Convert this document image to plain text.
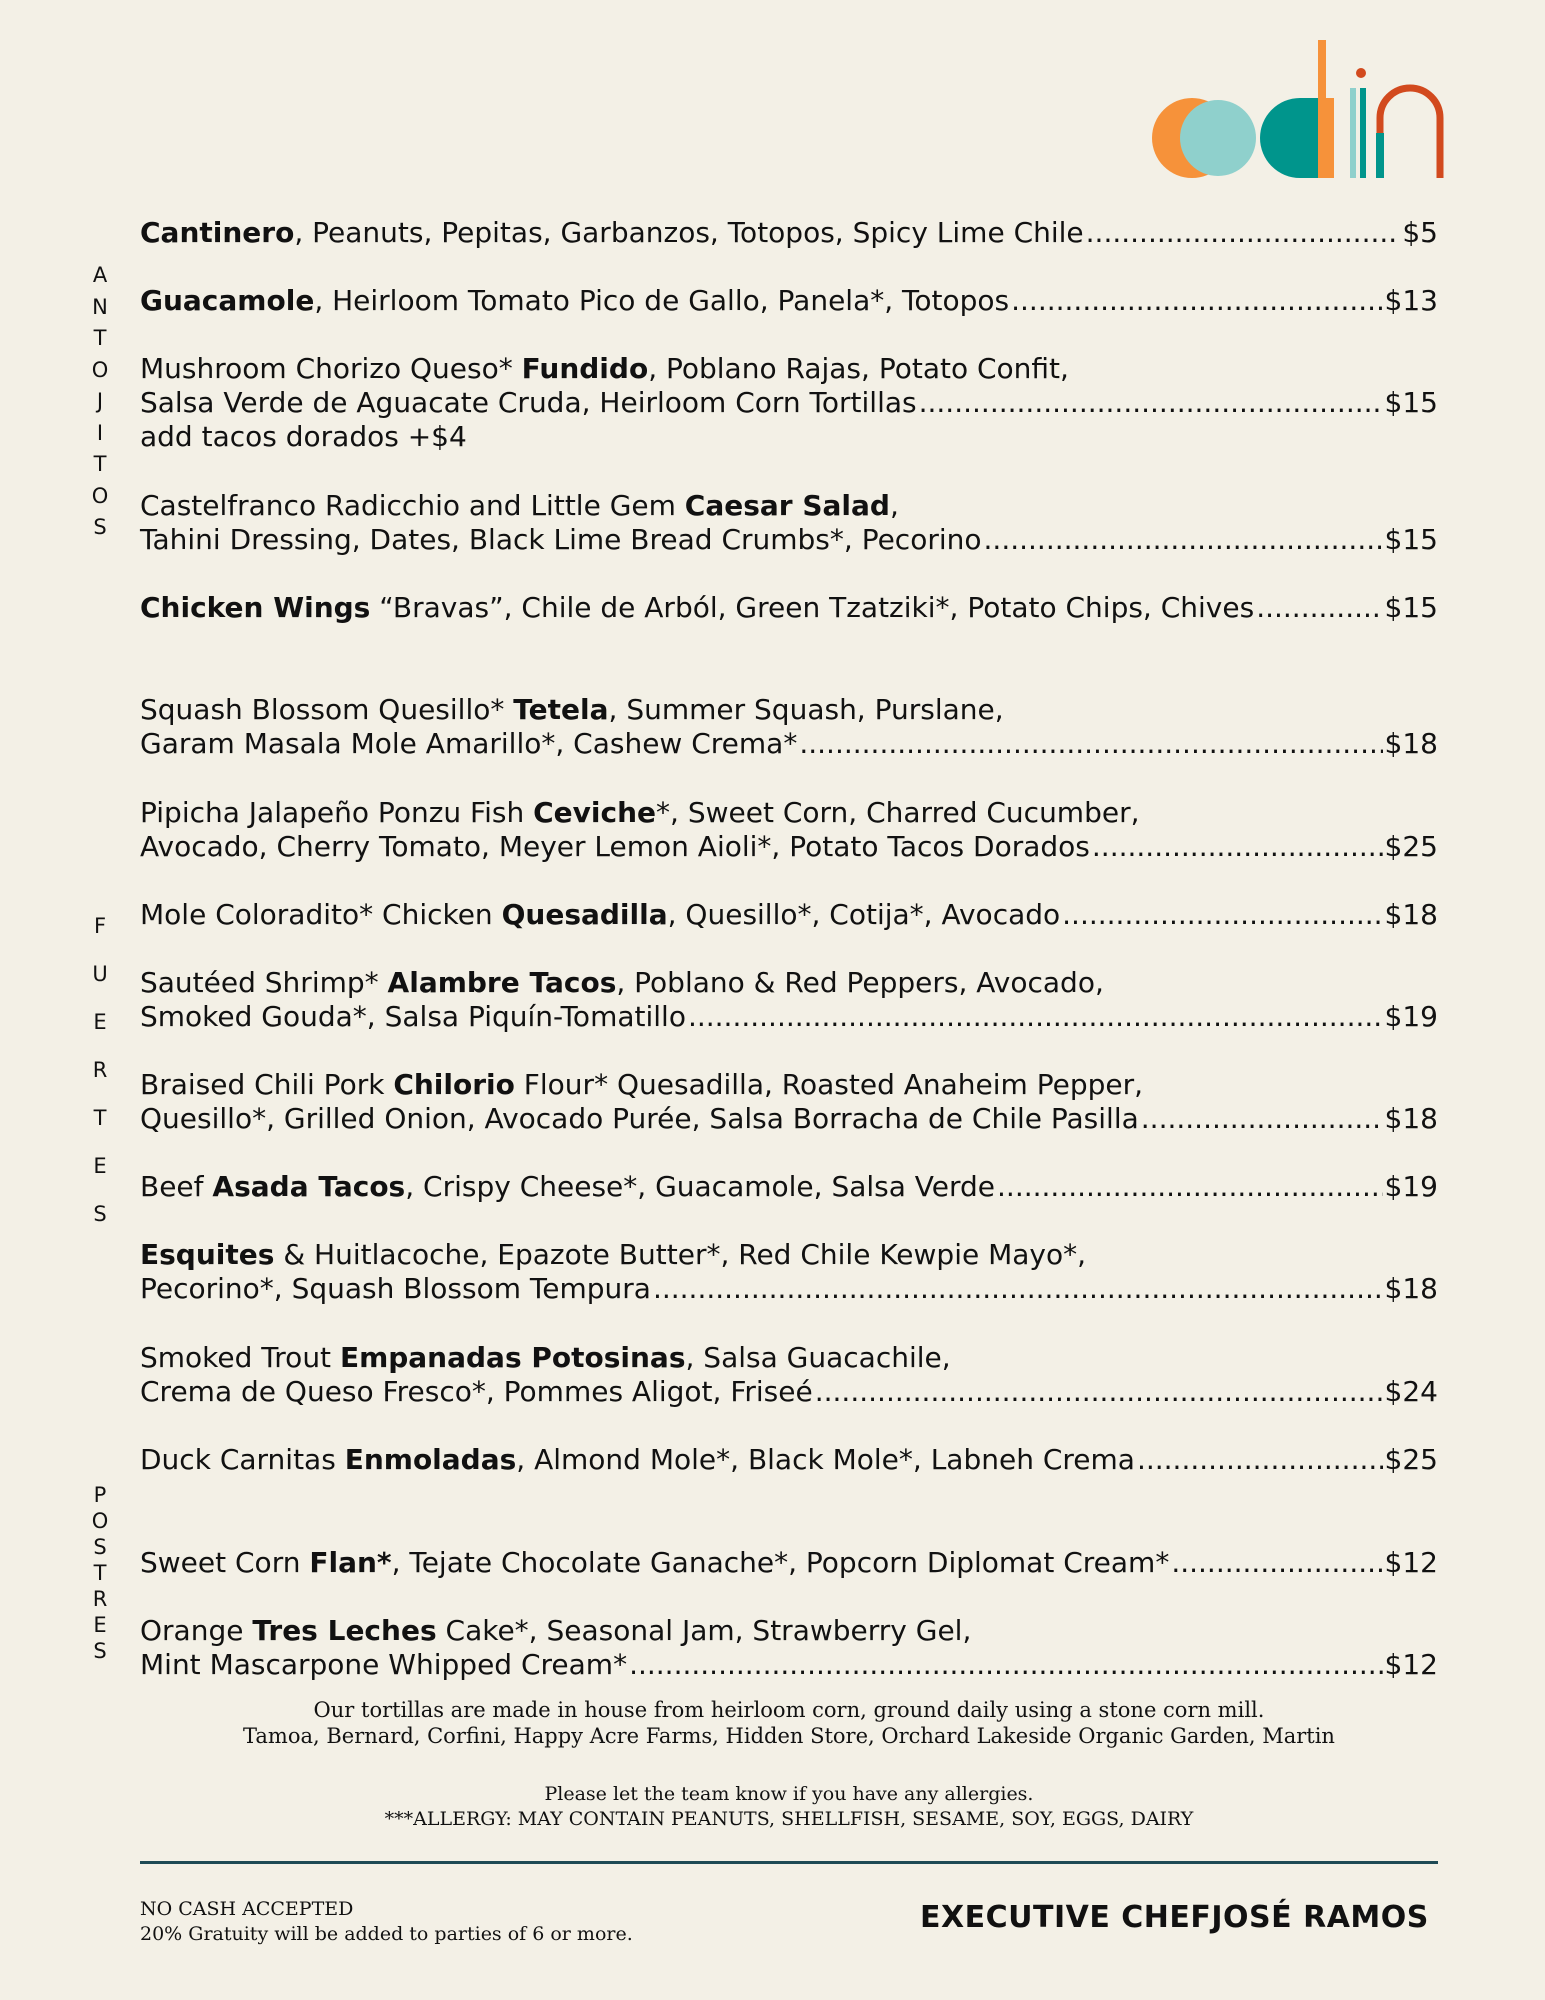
A
N
T
O
J
I
T
O
S
F
U
E
R
T
E
S
P
O
S
T
R
E
S
Cantinero, Peanuts, Pepitas, Garbanzos, Totopos, Spicy Lime Chile .....	$5
Guacamole, Heirloom Tomato Pico de Gallo, Panela*, Totopos .....	$13
Mushroom Chorizo Queso* Fundido, Poblano Rajas, Potato Confit,
Salsa Verde de Aguacate Cruda, Heirloom Corn Tortillas .....	$15
add tacos dorados +$4
Castelfranco Radicchio and Little Gem Caesar Salad,
Tahini Dressing, Dates, Black Lime Bread Crumbs*, Pecorino .....	$15
Chicken Wings “Bravas”, Chile de Arból, Green Tzatziki*, Potato Chips, Chives .....	$15
Squash Blossom Quesillo* Tetela, Summer Squash, Purslane,
Garam Masala Mole Amarillo*, Cashew Crema* .....	$18
Pipicha Jalapeño Ponzu Fish Ceviche*, Sweet Corn, Charred Cucumber,
Avocado, Cherry Tomato, Meyer Lemon Aioli*, Potato Tacos Dorados .....	$25
Mole Coloradito* Chicken Quesadilla, Quesillo*, Cotija*, Avocado .....	$18
Sautéed Shrimp* Alambre Tacos, Poblano & Red Peppers, Avocado,
Smoked Gouda*, Salsa Piquín-Tomatillo .....	$19
Braised Chili Pork Chilorio Flour* Quesadilla, Roasted Anaheim Pepper,
Quesillo*, Grilled Onion, Avocado Purée, Salsa Borracha de Chile Pasilla .....	$18
Beef Asada Tacos, Crispy Cheese*, Guacamole, Salsa Verde .....	$19
Esquites & Huitlacoche, Epazote Butter*, Red Chile Kewpie Mayo*,
Pecorino*, Squash Blossom Tempura .....	$18
Smoked Trout Empanadas Potosinas, Salsa Guacachile,
Crema de Queso Fresco*, Pommes Aligot, Friseé .....	$24
Duck Carnitas Enmoladas, Almond Mole*, Black Mole*, Labneh Crema .....	$25
Sweet Corn Flan*, Tejate Chocolate Ganache*, Popcorn Diplomat Cream* .....	$12
Orange Tres Leches Cake*, Seasonal Jam, Strawberry Gel,
Mint Mascarpone Whipped Cream* .....	$12
Our tortillas are made in house from heirloom corn, ground daily using a stone corn mill.
Tamoa, Bernard, Corfini, Happy Acre Farms, Hidden Store, Orchard Lakeside Organic Garden, Martin
Please let the team know if you have any allergies.
***ALLERGY: MAY CONTAIN PEANUTS, SHELLFISH, SESAME, SOY, EGGS, DAIRY
NO CASH ACCEPTED
20% Gratuity will be added to parties of 6 or more.	EXECUTIVE CHEFJOSÉ RAMOS
